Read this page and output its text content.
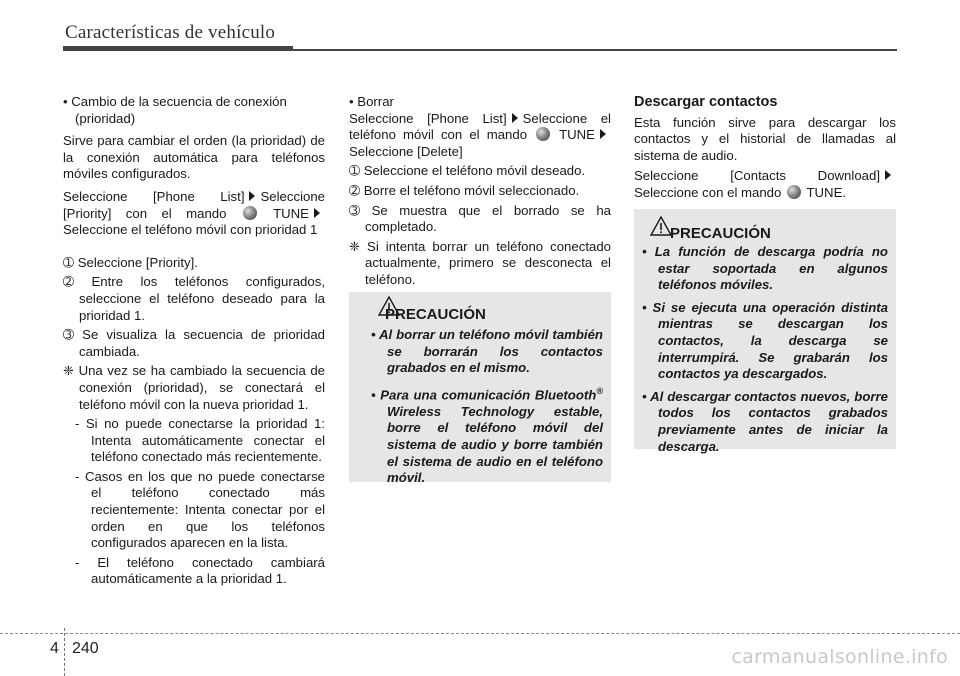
Características de vehículo

• Cambio de la secuencia de conexión

(prioridad)

Sirve para cambiar el orden (la prioridad) de la conexión automática para teléfonos móviles configurados.

Seleccione [Phone List] Seleccione [Priority] con el mando	TUNE Seleccione el teléfono móvil con prioridad 1

➀ Seleccione [Priority].

➁ Entre los teléfonos configurados, seleccione el teléfono deseado para la prioridad 1.

➂ Se visualiza la secuencia de prioridad cambiada.

❈ Una vez se ha cambiado la secuencia de conexión (prioridad), se conectará el teléfono móvil con la nueva prioridad 1.

- Si no puede conectarse la prioridad 1: Intenta automáticamente conectar el teléfono conectado más recientemente.

- Casos en los que no puede conectarse el teléfono conectado más recientemente: Intenta conectar por el orden en que los teléfonos configurados aparecen en la lista.

- El teléfono conectado cambiará automáticamente a la prioridad 1.

• Borrar

Seleccione [Phone List] Seleccione el teléfono móvil con el mando TUNE Seleccione [Delete]

➀ Seleccione el teléfono móvil deseado.

➁ Borre el teléfono móvil seleccionado.

➂ Se muestra que el borrado se ha completado.

❈ Si intenta borrar un teléfono conectado actualmente, primero se desconecta el teléfono.

PRECAUCIÓN

• Al borrar un teléfono móvil también se borrarán los contactos grabados en el mismo.

• Para una comunicación Bluetooth® Wireless Technology estable, borre el teléfono móvil del sistema de audio y borre también el sistema de audio en el teléfono móvil.

Descargar contactos

Esta función sirve para descargar los contactos y el historial de llamadas al sistema de audio.

Seleccione [Contacts Download] Seleccione con el mando TUNE.

PRECAUCIÓN

• La función de descarga podría no estar soportada en algunos teléfonos móviles.

• Si se ejecuta una operación distinta mientras se descargan los contactos, la descarga se interrumpirá. Se grabarán los contactos ya descargados.

• Al descargar contactos nuevos, borre todos los contactos grabados previamente antes de iniciar la descarga.

4 240	carmanualsonline.info
